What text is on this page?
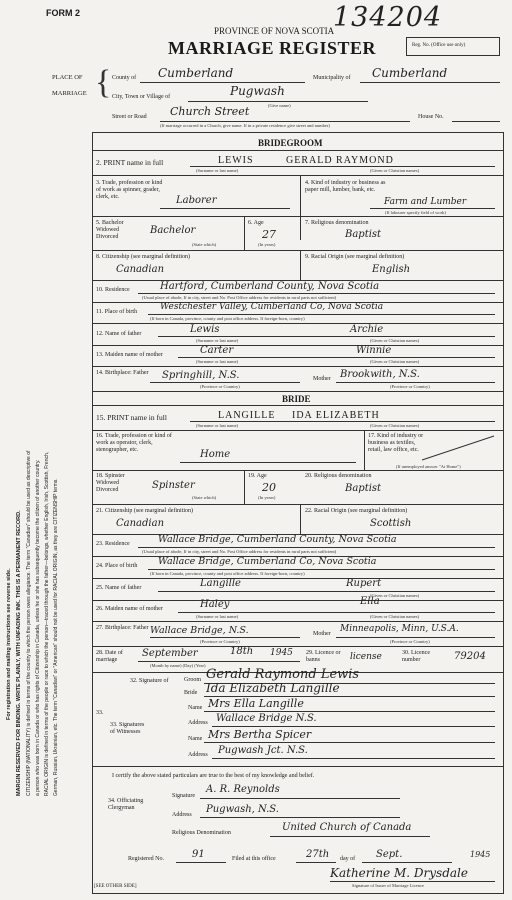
For registration and mailing instructions see reverse side. MARGIN RESERVED FOR BINDING. WRITE PLAINLY, WITH UNFADING INK. THIS IS A PERMANENT RECORD. CITIZENSHIP (NATIONALITY) is defined in terms of the country to which the person owes allegiance. The term "Canadian" should be used as descriptive of a person who was born in Canada or who has rights of Citizenship in Canada, unless he or she has subsequently become the citizen of another country. RACIAL ORIGIN is defined in terms of the people or race to which the person—traced through the father—belongs, whether English, Irish, Scottish, French, German, Russian, Ukrainian, etc. The term "Canadian" or "American" should not be used for RACIAL ORIGIN, as they are CITIZENSHIP terms.
FORM 2	134204
PROVINCE OF NOVA SCOTIA
MARRIAGE REGISTER	Reg. No. (Office use only)
PLACE OF
MARRIAGE { County of Cumberland	Municipality of Cumberland
City, Town or Village of	Pugwash
(Give name)
Street or Road Church Street	House No.
(If marriage occurred in a Church, give name. If in a private residence give street and number)
BRIDEGROOM
2. PRINT name in full	LEWIS	GERALD RAYMOND
(Surname or last name)	(Given or Christian names)
3. Trade, profession or kind of work as spinner, grader, clerk, etc.	Laborer
4. Kind of industry or business as paper mill, lumber, bank, etc.
Farm and Lumber
(If labourer specify field of work)
5. Bachelor Widowed Divorced
Bachelor
(State which)
6. Age
27
(In years)
7. Religious denomination
Baptist
8. Citizenship (see marginal definition)
Canadian
9. Racial Origin (see marginal definition)
English
10. Residence	Hartford, Cumberland County, Nova Scotia
(Usual place of abode, If in city, street and No. Post Office address for residents in rural parts not sufficient)
11. Place of birth	Westchester Valley, Cumberland Co, Nova Scotia
(If born in Canada, province, county and post office address. If foreign-born, country)
12. Name of father	Lewis	Archie
(Surname or last name)	(Given or Christian names)
13. Maiden name of mother	Carter	Winnie
(Surname or last name)	(Given or Christian names)
14. Birthplace: Father	Springhill, N.S.
(Province or Country)
Mother Brookwith, N.S.
(Province or Country)
BRIDE
15. PRINT name in full	LANGILLE IDA ELIZABETH
(Surname or last name)	(Given or Christian names)
16. Trade, profession or kind of work as operator, clerk, stenographer, etc.	Home
17. Kind of industry or business as textiles, retail, law office, etc.
(If unemployed answer "At Home")
18. Spinster Widowed Divorced	Spinster
(State which)
19. Age
20
(In years)
20. Religious denomination
Baptist
21. Citizenship (see marginal definition)
Canadian
22. Racial Origin (see marginal definition)
Scottish
23. Residence	Wallace Bridge, Cumberland County, Nova Scotia
(Usual place of abode, If in city, street and No. Post Office address for residents in rural parts not sufficient)
24. Place of birth Wallace Bridge, Cumberland Co, Nova Scotia
(If born in Canada, province, county and post office address. If foreign-born, country)
25. Name of father	Langille	Rupert
(Given or Christian names)
26. Maiden name of mother	Haley	Ella
(Surname or last name)	(Given or Christian names)
27. Birthplace: Father Wallace Bridge, N.S.
(Province or Country)
Mother Minneapolis, Minn, U.S.A.
(Province or Country)
28. Date of marriage
September	18th 1945
(Month by name) (Day) (Year)
29. Licence or banns	license	30. Licence number	79204
32. Signature of	Groom Gerald Raymond Lewis
Bride Ida Elizabeth Langille
33.
33. Signatures of Witnesses
Name Mrs Ella Langille
Address Wallace Bridge N.S.
Name Mrs Bertha Spicer
Address Pugwash Jct. N.S.
I certify the above stated particulars are true to the best of my knowledge and belief.
34. Officiating Clergyman
Signature
A. R. Reynolds
Address Pugwash, N.S.
Religious Denomination	United Church of Canada
Registered No.	91	Filed at this office	27th day of Sept.	1945
Katherine M. Drysdale
Signature of Issuer of Marriage Licence
[SEE OTHER SIDE]
